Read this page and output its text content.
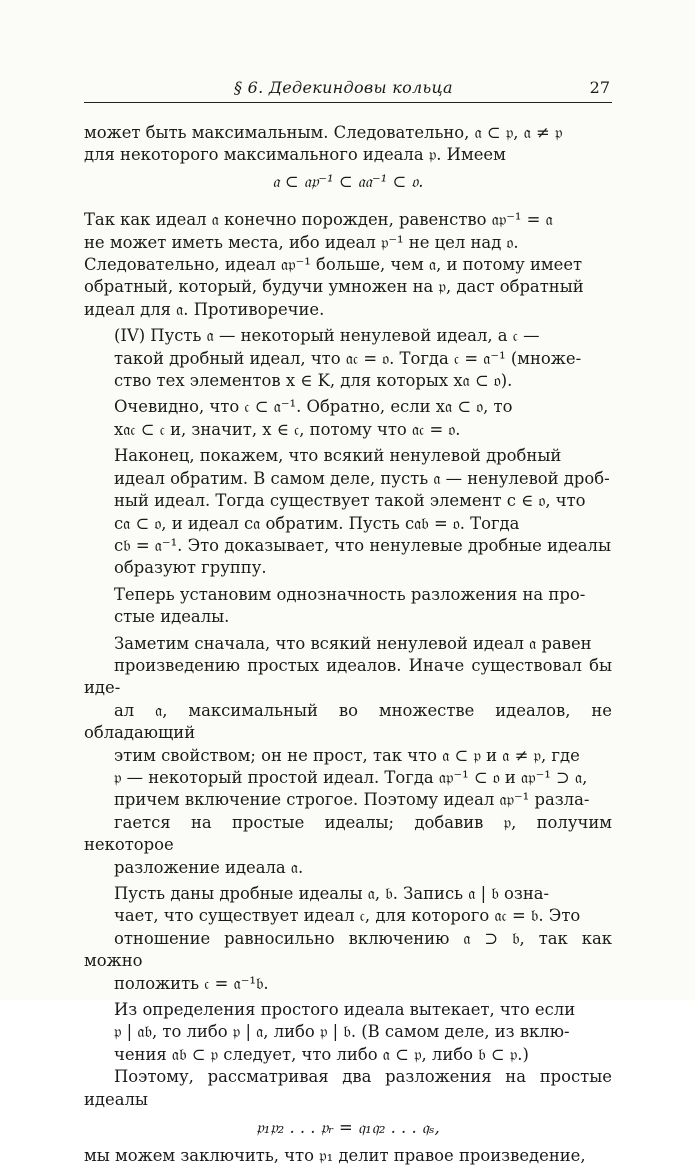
§ 6. Дедекиндовы кольца	27
может быть максимальным. Следовательно, 𝔞 ⊂ 𝔭, 𝔞 ≠ 𝔭
для некоторого максимального идеала 𝔭. Имеем
𝔞 ⊂ 𝔞𝔭⁻¹ ⊂ 𝔞𝔞⁻¹ ⊂ 𝔬.
Так как идеал 𝔞 конечно порожден, равенство 𝔞𝔭⁻¹ = 𝔞
не может иметь места, ибо идеал 𝔭⁻¹ не цел над 𝔬.
Следовательно, идеал 𝔞𝔭⁻¹ больше, чем 𝔞, и потому имеет
обратный, который, будучи умножен на 𝔭, даст обратный
идеал для 𝔞. Противоречие.
(IV) Пусть 𝔞 — некоторый ненулевой идеал, а 𝔠 —
такой дробный идеал, что 𝔞𝔠 = 𝔬. Тогда 𝔠 = 𝔞⁻¹ (множе-
ство тех элементов x ∈ K, для которых x𝔞 ⊂ 𝔬).
Очевидно, что 𝔠 ⊂ 𝔞⁻¹. Обратно, если x𝔞 ⊂ 𝔬, то
x𝔞𝔠 ⊂ 𝔠 и, значит, x ∈ 𝔠, потому что 𝔞𝔠 = 𝔬.
Наконец, покажем, что всякий ненулевой дробный
идеал обратим. В самом деле, пусть 𝔞 — ненулевой дроб-
ный идеал. Тогда существует такой элемент c ∈ 𝔬, что
c𝔞 ⊂ 𝔬, и идеал c𝔞 обратим. Пусть c𝔞𝔟 = 𝔬. Тогда
c𝔟 = 𝔞⁻¹. Это доказывает, что ненулевые дробные идеалы
образуют группу.
Теперь установим однозначность разложения на про-
стые идеалы.
Заметим сначала, что всякий ненулевой идеал 𝔞 равен
произведению простых идеалов. Иначе существовал бы иде-
ал 𝔞, максимальный во множестве идеалов, не обладающий
этим свойством; он не прост, так что 𝔞 ⊂ 𝔭 и 𝔞 ≠ 𝔭, где
𝔭 — некоторый простой идеал. Тогда 𝔞𝔭⁻¹ ⊂ 𝔬 и 𝔞𝔭⁻¹ ⊃ 𝔞,
причем включение строгое. Поэтому идеал 𝔞𝔭⁻¹ разла-
гается на простые идеалы; добавив 𝔭, получим некоторое
разложение идеала 𝔞.
Пусть даны дробные идеалы 𝔞, 𝔟. Запись 𝔞 | 𝔟 озна-
чает, что существует идеал 𝔠, для которого 𝔞𝔠 = 𝔟. Это
отношение равносильно включению 𝔞 ⊃ 𝔟, так как можно
положить 𝔠 = 𝔞⁻¹𝔟.
Из определения простого идеала вытекает, что если
𝔭 | 𝔞𝔟, то либо 𝔭 | 𝔞, либо 𝔭 | 𝔟. (В самом деле, из вклю-
чения 𝔞𝔟 ⊂ 𝔭 следует, что либо 𝔞 ⊂ 𝔭, либо 𝔟 ⊂ 𝔭.)
Поэтому, рассматривая два разложения на простые идеалы
𝔭₁𝔭₂ . . . 𝔭ᵣ = 𝔮₁𝔮₂ . . . 𝔮ₛ,
мы можем заключить, что 𝔭₁ делит правое произведение,
